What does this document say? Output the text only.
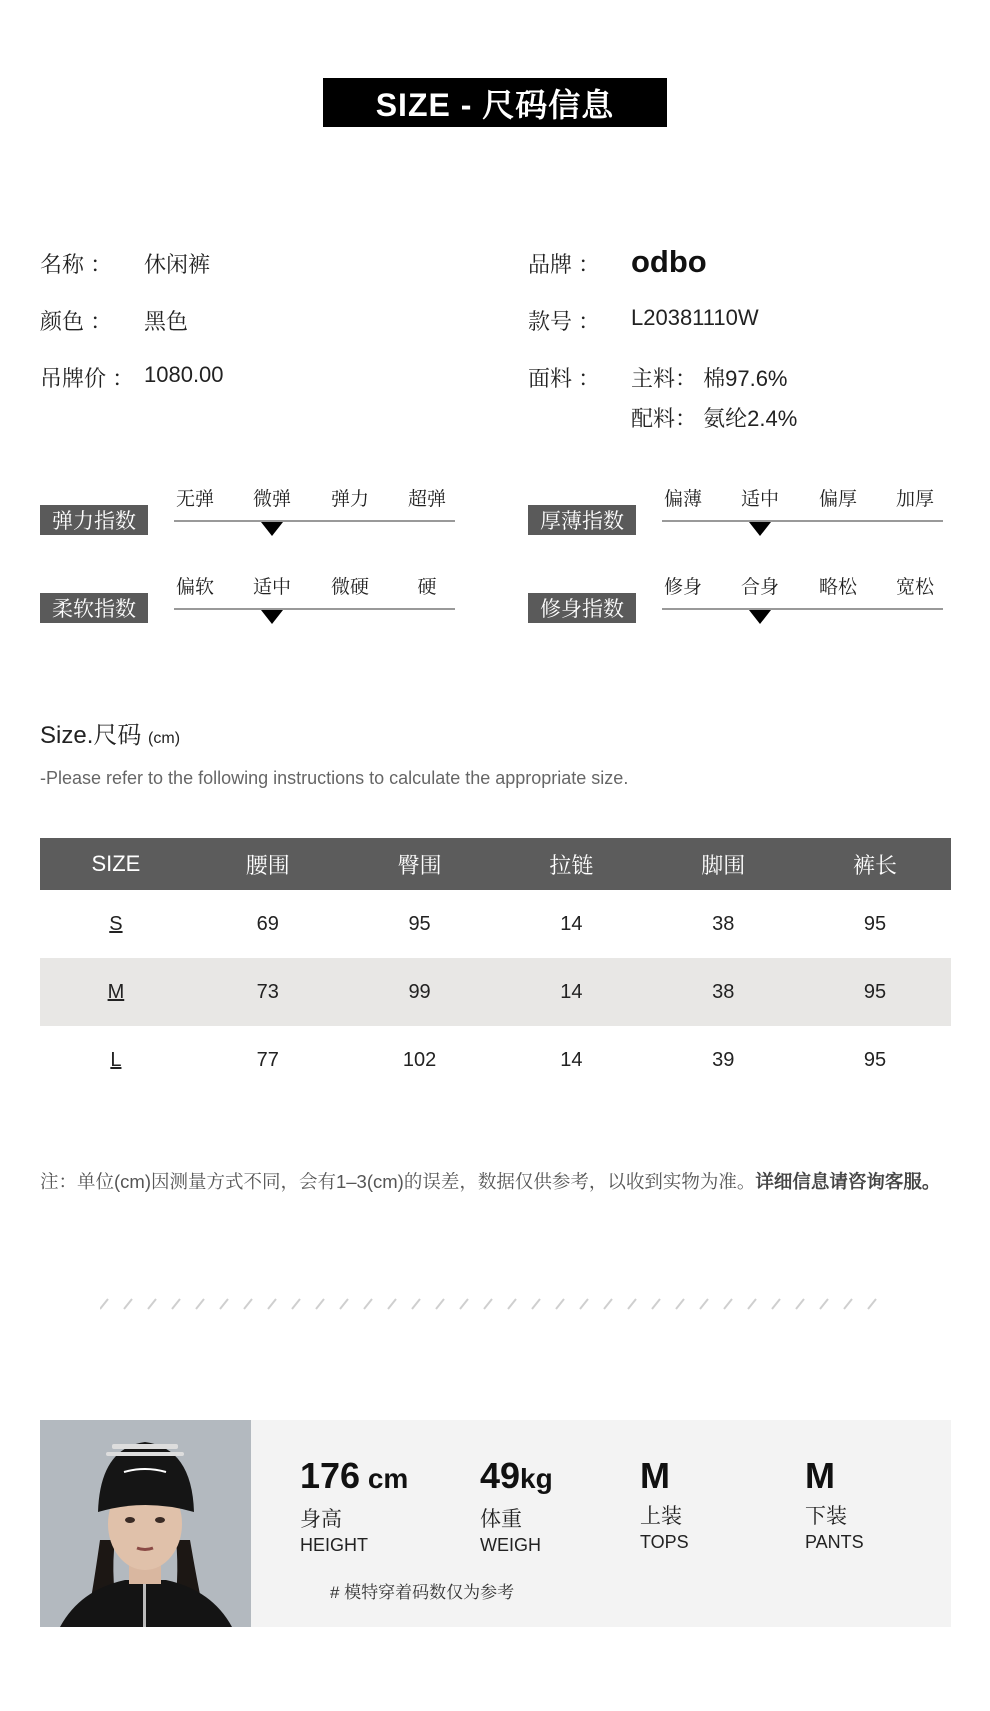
SIZE - 尺码信息
名称 ： 休闲裤
颜色 ： 黑色
吊牌价 ： 1080.00
品牌 ： odbo
款号 ： L20381110W
面料 ： 主料： 棉97.6%
配料： 氨纶2.4%
弹力指数
无弹	微弹	弹力	超弹
厚薄指数
偏薄	适中	偏厚	加厚
柔软指数
偏软	适中	微硬	硬
修身指数
修身	合身	略松	宽松
Size.尺码 (cm)
-Please refer to the following instructions to calculate the appropriate size.
SIZE	腰围	臀围	拉链	脚围	裤长
S	69	95	14	38	95
M	73	99	14	38	95
L	77	102	14	39	95
注：单位(cm)因测量方式不同，会有1–3(cm)的误差，数据仅供参考，以收到实物为准。详细信息请咨询客服。
176 cm
身高
HEIGHT
49kg
体重
WEIGH
M
上装
TOPS
M
下装
PANTS
# 模特穿着码数仅为参考
